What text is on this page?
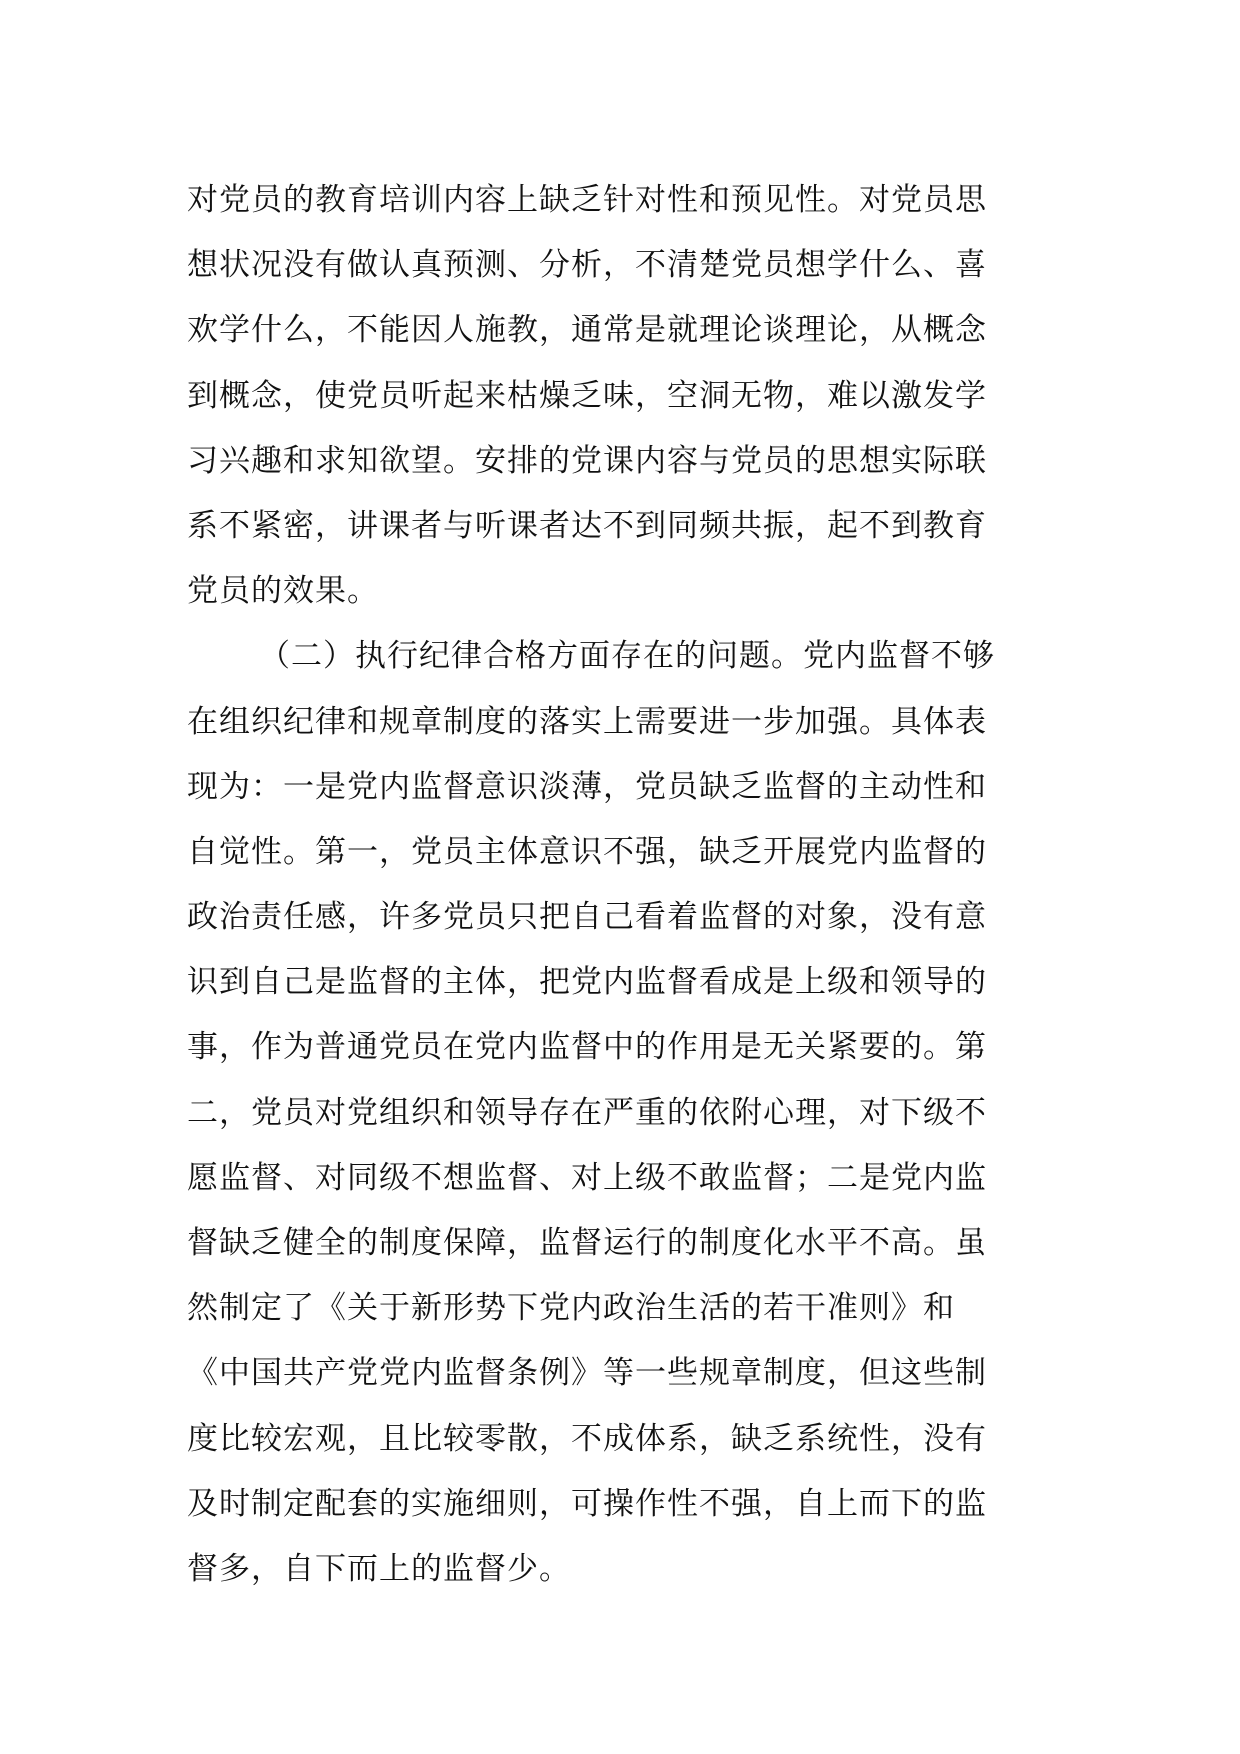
对党员的教育培训内容上缺乏针对性和预见性。对党员思
想状况没有做认真预测、分析，不清楚党员想学什么、喜
欢学什么，不能因人施教，通常是就理论谈理论，从概念
到概念，使党员听起来枯燥乏味，空洞无物，难以激发学
习兴趣和求知欲望。安排的党课内容与党员的思想实际联
系不紧密，讲课者与听课者达不到同频共振，起不到教育
党员的效果。
（二）执行纪律合格方面存在的问题。党内监督不够
在组织纪律和规章制度的落实上需要进一步加强。具体表
现为：一是党内监督意识淡薄，党员缺乏监督的主动性和
自觉性。第一，党员主体意识不强，缺乏开展党内监督的
政治责任感，许多党员只把自己看着监督的对象，没有意
识到自己是监督的主体，把党内监督看成是上级和领导的
事，作为普通党员在党内监督中的作用是无关紧要的。第
二，党员对党组织和领导存在严重的依附心理，对下级不
愿监督、对同级不想监督、对上级不敢监督；二是党内监
督缺乏健全的制度保障，监督运行的制度化水平不高。虽
然制定了《关于新形势下党内政治生活的若干准则》和
《中国共产党党内监督条例》等一些规章制度，但这些制
度比较宏观，且比较零散，不成体系，缺乏系统性，没有
及时制定配套的实施细则，可操作性不强，自上而下的监
督多，自下而上的监督少。
